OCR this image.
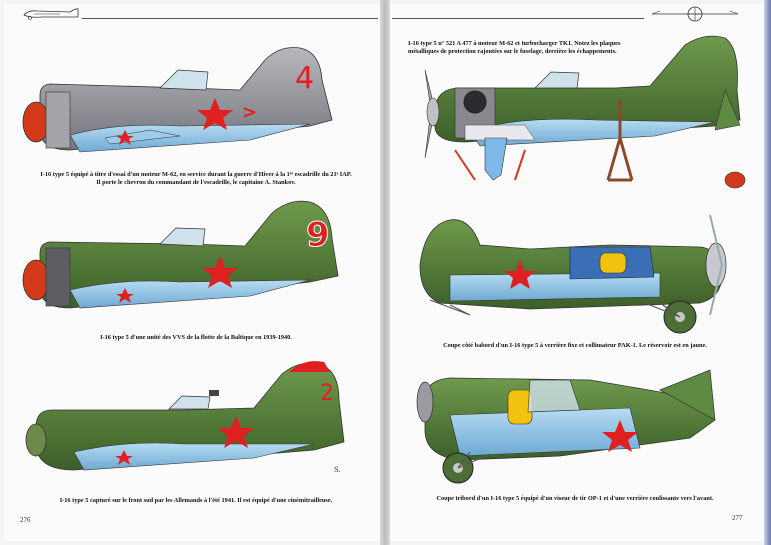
4
>
I-16 type 5 équipé à titre d'essai d'un moteur M-62, en service durant la guerre d'Hiver à la 1ʳᵉ escadrille du 21ᵉ IAP. Il porte le chevron du commandant de l'escadrille, le capitaine A. Stankov.
9
I-16 type 5 d'une unité des VVS de la flotte de la Baltique en 1939-1940.
2
S.
I-16 type 5 capturé sur le front sud par les Allemands à l'été 1941. Il est équipé d'une cinémitrailleuse.
276
I-16 type 5 n° 521 A 477 à moteur M-62 et turbocharger TK1. Notez les plaques métalliques de protection rajoutées sur le fuselage, derrière les échappements.
Coupe côté babord d'un I-16 type 5 à verrière fixe et collimateur PAK-1. Le réservoir est en jaune.
Coupe tribord d'un I-16 type 5 équipé d'un viseur de tir OP-1 et d'une verrière coulissante vers l'avant.
277
